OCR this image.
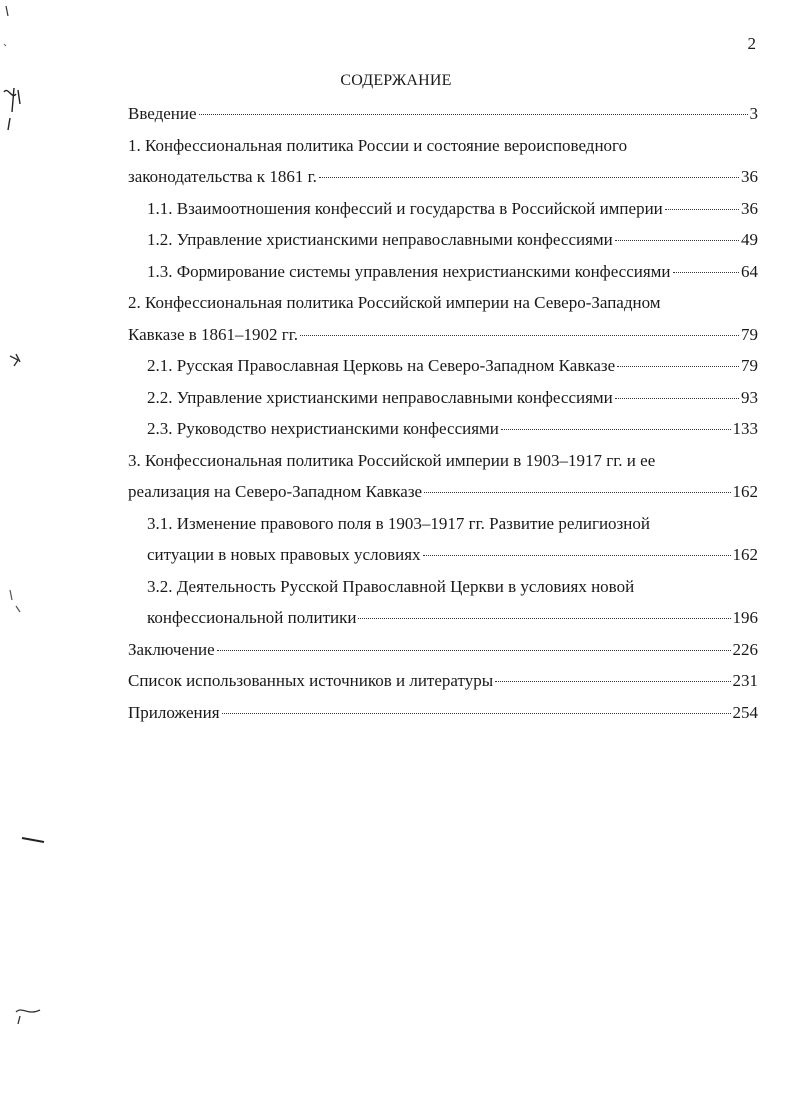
2
СОДЕРЖАНИЕ
Введение	3
1. Конфессиональная политика России и состояние вероисповедного
законодательства к 1861 г.	36
1.1. Взаимоотношения конфессий и государства в Российской империи	36
1.2. Управление христианскими неправославными конфессиями	49
1.3. Формирование системы управления нехристианскими конфессиями	64
2. Конфессиональная политика Российской империи на Северо-Западном
Кавказе в 1861–1902 гг.	79
2.1. Русская Православная Церковь на Северо-Западном Кавказе	79
2.2. Управление христианскими неправославными конфессиями	93
2.3. Руководство нехристианскими конфессиями	133
3. Конфессиональная политика Российской империи в 1903–1917 гг. и ее
реализация на Северо-Западном Кавказе	162
3.1. Изменение правового поля в 1903–1917 гг. Развитие религиозной
ситуации в новых правовых условиях	162
3.2. Деятельность Русской Православной Церкви в условиях новой
конфессиональной политики	196
Заключение	226
Список использованных источников и литературы	231
Приложения	254
